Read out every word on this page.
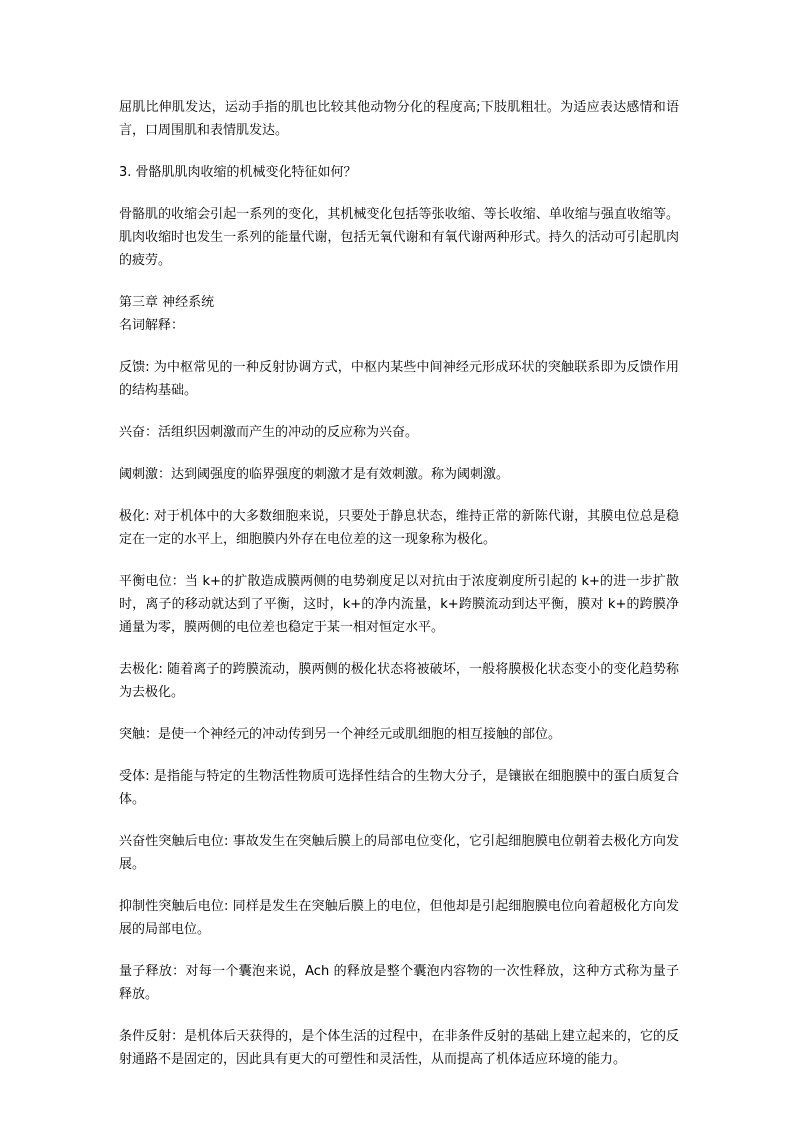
屈肌比伸肌发达，运动手指的肌也比较其他动物分化的程度高;下肢肌粗壮。为适应表达感情和语言，口周围肌和表情肌发达。

3. 骨骼肌肌肉收缩的机械变化特征如何？

骨骼肌的收缩会引起一系列的变化，其机械变化包括等张收缩、等长收缩、单收缩与强直收缩等。肌肉收缩时也发生一系列的能量代谢，包括无氧代谢和有氧代谢两种形式。持久的活动可引起肌肉的疲劳。

第三章 神经系统

名词解释：

反馈: 为中枢常见的一种反射协调方式，中枢内某些中间神经元形成环状的突触联系即为反馈作用的结构基础。

兴奋：活组织因刺激而产生的冲动的反应称为兴奋。

阈刺激：达到阈强度的临界强度的刺激才是有效刺激。称为阈刺激。

极化: 对于机体中的大多数细胞来说，只要处于静息状态，维持正常的新陈代谢，其膜电位总是稳定在一定的水平上，细胞膜内外存在电位差的这一现象称为极化。

平衡电位：当 k+的扩散造成膜两侧的电势剃度足以对抗由于浓度剃度所引起的 k+的进一步扩散时，离子的移动就达到了平衡，这时，k+的净内流量，k+跨膜流动到达平衡，膜对 k+的跨膜净通量为零，膜两侧的电位差也稳定于某一相对恒定水平。

去极化: 随着离子的跨膜流动，膜两侧的极化状态将被破坏，一般将膜极化状态变小的变化趋势称为去极化。

突触：是使一个神经元的冲动传到另一个神经元或肌细胞的相互接触的部位。

受体: 是指能与特定的生物活性物质可选择性结合的生物大分子，是镶嵌在细胞膜中的蛋白质复合体。

兴奋性突触后电位: 事故发生在突触后膜上的局部电位变化，它引起细胞膜电位朝着去极化方向发展。

抑制性突触后电位: 同样是发生在突触后膜上的电位，但他却是引起细胞膜电位向着超极化方向发展的局部电位。

量子释放：对每一个囊泡来说，Ach 的释放是整个囊泡内容物的一次性释放，这种方式称为量子释放。

条件反射：是机体后天获得的，是个体生活的过程中，在非条件反射的基础上建立起来的，它的反射通路不是固定的，因此具有更大的可塑性和灵活性，从而提高了机体适应环境的能力。
